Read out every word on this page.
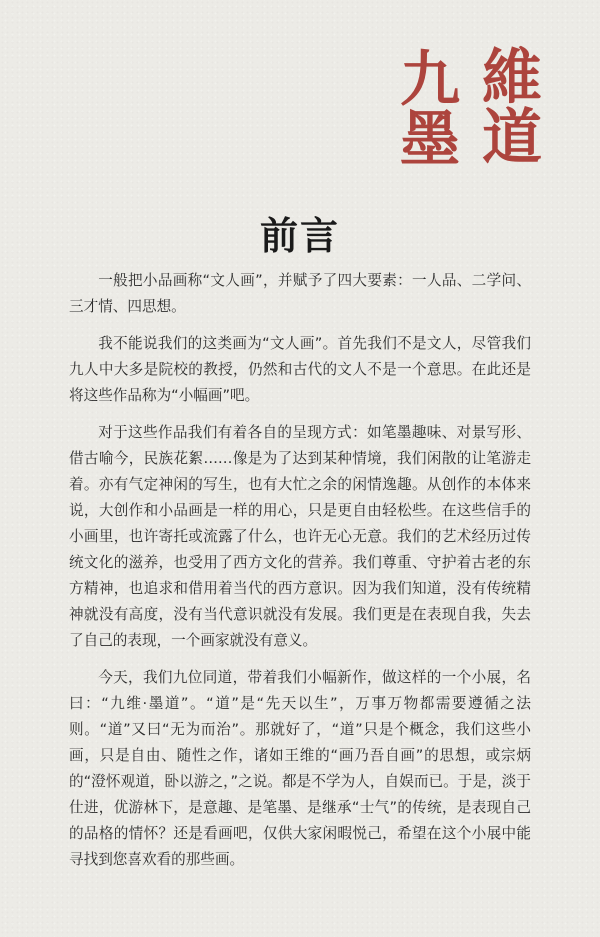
九 維
墨 道
前言

一般把小品画称“文人画”，并赋予了四大要素：一人品、二学问、三才情、四思想。

我不能说我们的这类画为“文人画”。首先我们不是文人，尽管我们九人中大多是院校的教授，仍然和古代的文人不是一个意思。在此还是将这些作品称为“小幅画”吧。

对于这些作品我们有着各自的呈现方式：如笔墨趣味、对景写形、借古喻今，民族花絮……像是为了达到某种情境，我们闲散的让笔游走着。亦有气定神闲的写生，也有大忙之余的闲情逸趣。从创作的本体来说，大创作和小品画是一样的用心，只是更自由轻松些。在这些信手的小画里，也许寄托或流露了什么，也许无心无意。我们的艺术经历过传统文化的滋养，也受用了西方文化的营养。我们尊重、守护着古老的东方精神，也追求和借用着当代的西方意识。因为我们知道，没有传统精神就没有高度，没有当代意识就没有发展。我们更是在表现自我，失去了自己的表现，一个画家就没有意义。

今天，我们九位同道，带着我们小幅新作，做这样的一个小展，名曰：“九维·墨道”。“道”是“先天以生”，万事万物都需要遵循之法则。“道”又曰“无为而治”。那就好了，“道”只是个概念，我们这些小画，只是自由、随性之作，诸如王维的“画乃吾自画”的思想，或宗炳的“澄怀观道，卧以游之，”之说。都是不学为人，自娱而已。于是，淡于仕进，优游林下，是意趣、是笔墨、是继承“士气”的传统，是表现自己的品格的情怀？还是看画吧，仅供大家闲暇悦己，希望在这个小展中能寻找到您喜欢看的那些画。
